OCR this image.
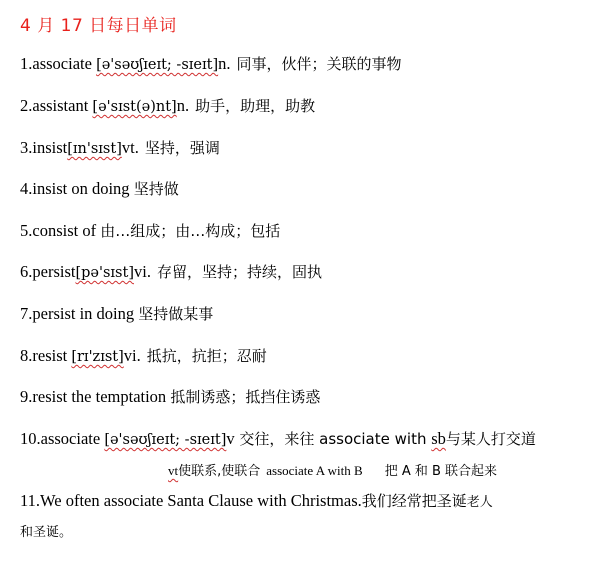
4 月 17 日每日单词
1.associate [ə'səʊʃɪeɪt; -sɪeɪt]n. 同事，伙伴；关联的事物
2.assistant [ə'sɪst(ə)nt]n. 助手，助理，助教
3.insist[ɪn'sɪst]vt. 坚持，强调
4.insist on doing 坚持做
5.consist of 由…组成；由…构成；包括
6.persist[pə'sɪst]vi. 存留，坚持；持续，固执
7.persist in doing 坚持做某事
8.resist [rɪ'zɪst]vi. 抵抗，抗拒；忍耐
9.resist the temptation 抵制诱惑；抵挡住诱惑
10.associate [ə'səʊʃɪeɪt; -sɪeɪt]v 交往，来往 associate with sb与某人打交道
vt使联系,使联合 associate A with B 把 A 和 B 联合起来
11.We often associate Santa Clause with Christmas.我们经常把圣诞老人
和圣诞。
